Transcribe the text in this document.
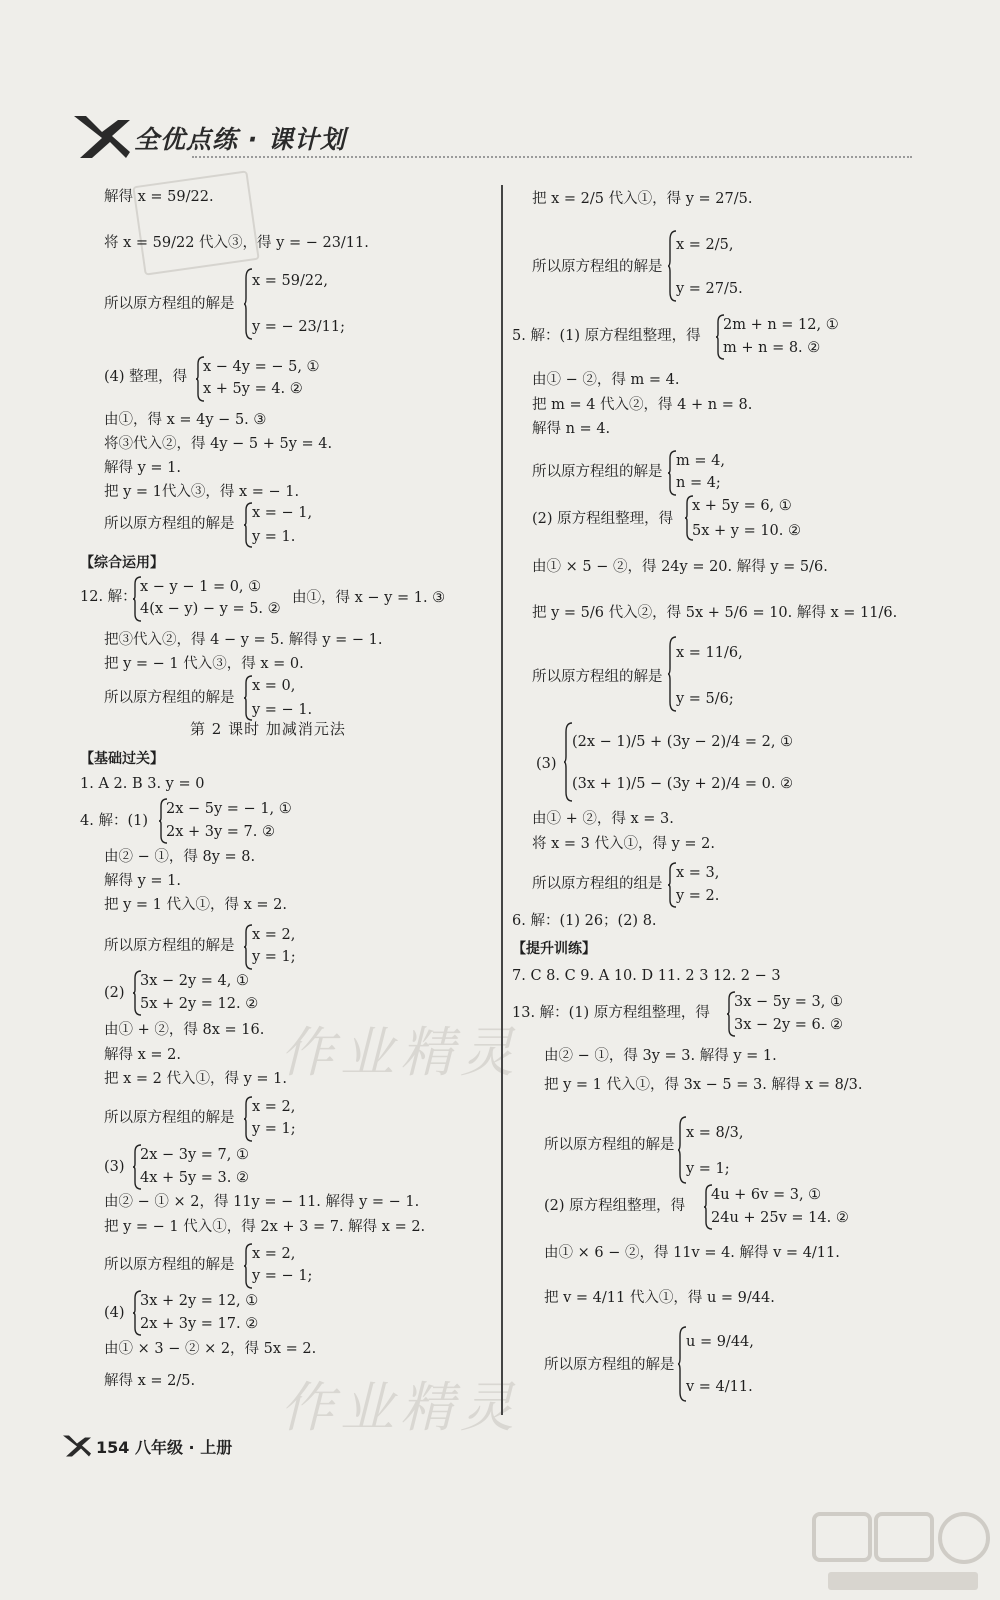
全优点练 · 课计划
作业精灵
作业精灵
解得 x = 59/22.
将 x = 59/22 代入③，得 y = − 23/11.
x = 59/22,
所以原方程组的解是
y = − 23/11;
(4) 整理，得
x − 4y = − 5, ①
x + 5y = 4. ②
由①，得 x = 4y − 5. ③
将③代入②，得 4y − 5 + 5y = 4.
解得 y = 1.
把 y = 1代入③，得 x = − 1.
x = − 1,
所以原方程组的解是
y = 1.
12. 解：
x − y − 1 = 0, ①
4(x − y) − y = 5. ②
由①，得 x − y = 1. ③
把③代入②，得 4 − y = 5. 解得 y = − 1.
把 y = − 1 代入③，得 x = 0.
x = 0,
所以原方程组的解是
y = − 1.
1. A 2. B 3. y = 0
4. 解：(1)
2x − 5y = − 1, ①
2x + 3y = 7. ②
由② − ①，得 8y = 8.
解得 y = 1.
把 y = 1 代入①，得 x = 2.
x = 2,
所以原方程组的解是
y = 1;
(2)
3x − 2y = 4, ①
5x + 2y = 12. ②
由① + ②，得 8x = 16.
解得 x = 2.
把 x = 2 代入①，得 y = 1.
x = 2,
所以原方程组的解是
y = 1;
(3)
2x − 3y = 7, ①
4x + 5y = 3. ②
由② − ① × 2，得 11y = − 11. 解得 y = − 1.
把 y = − 1 代入①，得 2x + 3 = 7. 解得 x = 2.
x = 2,
所以原方程组的解是
y = − 1;
(4)
3x + 2y = 12, ①
2x + 3y = 17. ②
由① × 3 − ② × 2，得 5x = 2.
解得 x = 2/5.
把 x = 2/5 代入①，得 y = 27/5.
x = 2/5,
所以原方程组的解是
y = 27/5.
5. 解：(1) 原方程组整理，得
2m + n = 12, ①
m + n = 8. ②
由① − ②，得 m = 4.
把 m = 4 代入②，得 4 + n = 8.
解得 n = 4.
m = 4,
所以原方程组的解是
n = 4;
x + 5y = 6, ①
(2) 原方程组整理，得
5x + y = 10. ②
由① × 5 − ②，得 24y = 20. 解得 y = 5/6.
把 y = 5/6 代入②，得 5x + 5/6 = 10. 解得 x = 11/6.
x = 11/6,
所以原方程组的解是
y = 5/6;
(3)
(2x − 1)/5 + (3y − 2)/4 = 2, ①
(3x + 1)/5 − (3y + 2)/4 = 0. ②
由① + ②，得 x = 3.
将 x = 3 代入①，得 y = 2.
x = 3,
所以原方程组的组是
y = 2.
6. 解：(1) 26；(2) 8.
7. C 8. C 9. A 10. D 11. 2 3 12. 2 − 3
13. 解：(1) 原方程组整理，得
3x − 5y = 3, ①
3x − 2y = 6. ②
由② − ①，得 3y = 3. 解得 y = 1.
把 y = 1 代入①，得 3x − 5 = 3. 解得 x = 8/3.
x = 8/3,
所以原方程组的解是
y = 1;
(2) 原方程组整理，得
4u + 6v = 3, ①
24u + 25v = 14. ②
由① × 6 − ②，得 11v = 4. 解得 v = 4/11.
把 v = 4/11 代入①，得 u = 9/44.
u = 9/44,
所以原方程组的解是
v = 4/11.
【综合运用】
【基础过关】
【提升训练】
第 2 课时 加减消元法
154 八年级 · 上册
